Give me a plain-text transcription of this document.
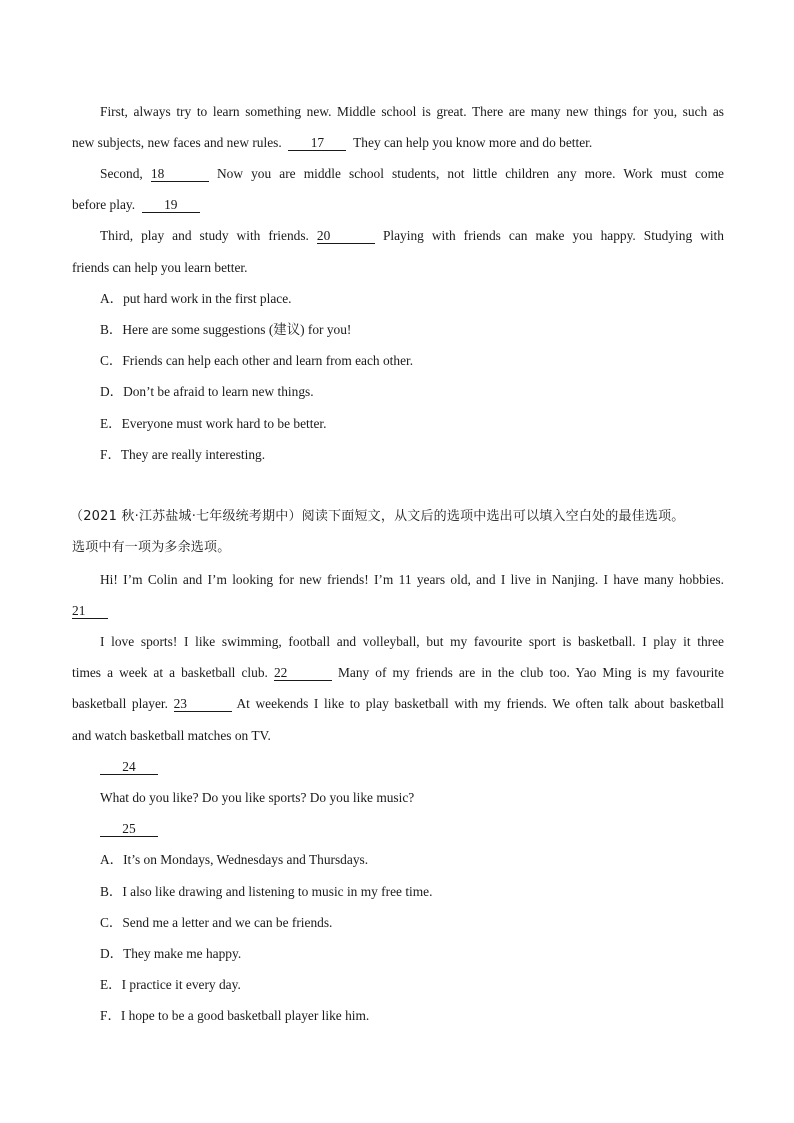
First, always try to learn something new. Middle school is great. There are many new things for you, such as
new subjects, new faces and new rules. 17 They can help you know more and do better.
Second, 18	Now you are middle school students, not little children any more. Work must come
before play. 19
Third, play and study with friends. 20	Playing with friends can make you happy. Studying with
friends can help you learn better.
A．put hard work in the first place.
B．Here are some suggestions (建议) for you!
C．Friends can help each other and learn from each other.
D．Don’t be afraid to learn new things.
E．Everyone must work hard to be better.
F．They are really interesting.
（2021 秋·江苏盐城·七年级统考期中）阅读下面短文，从文后的选项中选出可以填入空白处的最佳选项。
选项中有一项为多余选项。
Hi! I’m Colin and I’m looking for new friends! I’m 11 years old, and I live in Nanjing. I have many hobbies.
21
I love sports! I like swimming, football and volleyball, but my favourite sport is basketball. I play it three
times a week at a basketball club. 22	Many of my friends are in the club too. Yao Ming is my favourite
basketball player. 23	At weekends I like to play basketball with my friends. We often talk about basketball
and watch basketball matches on TV.
24
What do you like? Do you like sports? Do you like music?
25
A．It’s on Mondays, Wednesdays and Thursdays.
B．I also like drawing and listening to music in my free time.
C．Send me a letter and we can be friends.
D．They make me happy.
E．I practice it every day.
F．I hope to be a good basketball player like him.
